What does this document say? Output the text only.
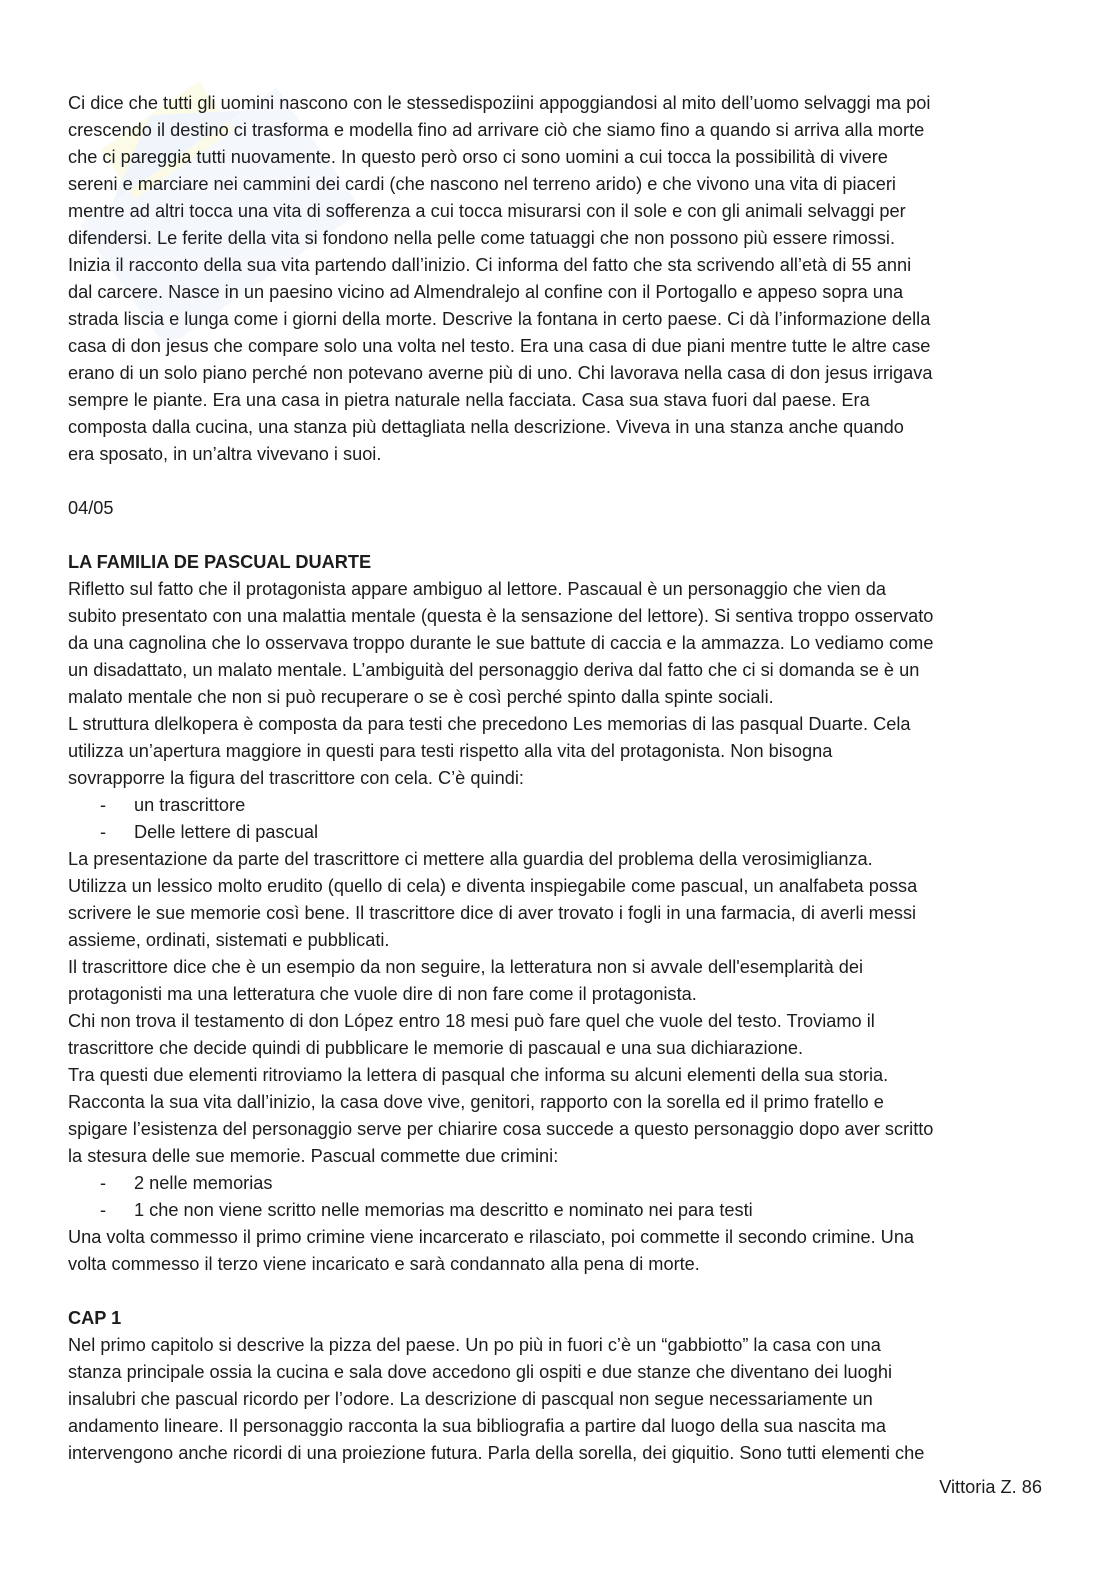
Ci dice che tutti gli uomini nascono con le stessedispoziini appoggiandosi al mito dell’uomo selvaggi ma poi

crescendo il destino ci trasforma e modella fino ad arrivare ciò che siamo fino a quando si arriva alla morte

che ci pareggia tutti nuovamente. In questo però orso ci sono uomini a cui tocca la possibilità di vivere

sereni e marciare nei cammini dei cardi (che nascono nel terreno arido) e che vivono una vita di piaceri

mentre ad altri tocca una vita di sofferenza a cui tocca misurarsi con il sole e con gli animali selvaggi per

difendersi. Le ferite della vita si fondono nella pelle come tatuaggi che non possono più essere rimossi.

Inizia il racconto della sua vita partendo dall’inizio. Ci informa del fatto che sta scrivendo all’età di 55 anni

dal carcere. Nasce in un paesino vicino ad Almendralejo al confine con il Portogallo e appeso sopra una

strada liscia e lunga come i giorni della morte. Descrive la fontana in certo paese. Ci dà l’informazione della

casa di don jesus che compare solo una volta nel testo. Era una casa di due piani mentre tutte le altre case

erano di un solo piano perché non potevano averne più di uno. Chi lavorava nella casa di don jesus irrigava

sempre le piante. Era una casa in pietra naturale nella facciata. Casa sua stava fuori dal paese. Era

composta dalla cucina, una stanza più dettagliata nella descrizione. Viveva in una stanza anche quando

era sposato, in un’altra vivevano i suoi.

04/05

LA FAMILIA DE PASCUAL DUARTE

Rifletto sul fatto che il protagonista appare ambiguo al lettore. Pascaual è un personaggio che vien da

subito presentato con una malattia mentale (questa è la sensazione del lettore). Si sentiva troppo osservato

da una cagnolina che lo osservava troppo durante le sue battute di caccia e la ammazza. Lo vediamo come

un disadattato, un malato mentale. L’ambiguità del personaggio deriva dal fatto che ci si domanda se è un

malato mentale che non si può recuperare o se è così perché spinto dalla spinte sociali.

L struttura dlelkopera è composta da para testi che precedono Les memorias di las pasqual Duarte. Cela

utilizza un’apertura maggiore in questi para testi rispetto alla vita del protagonista. Non bisogna

sovrapporre la figura del trascrittore con cela. C’è quindi:

- un trascrittore

- Delle lettere di pascual

La presentazione da parte del trascrittore ci mettere alla guardia del problema della verosimiglianza.

Utilizza un lessico molto erudito (quello di cela) e diventa inspiegabile come pascual, un analfabeta possa

scrivere le sue memorie così bene. Il trascrittore dice di aver trovato i fogli in una farmacia, di averli messi

assieme, ordinati, sistemati e pubblicati.

Il trascrittore dice che è un esempio da non seguire, la letteratura non si avvale dell'esemplarità dei

protagonisti ma una letteratura che vuole dire di non fare come il protagonista.

Chi non trova il testamento di don López entro 18 mesi può fare quel che vuole del testo. Troviamo il

trascrittore che decide quindi di pubblicare le memorie di pascaual e una sua dichiarazione.

Tra questi due elementi ritroviamo la lettera di pasqual che informa su alcuni elementi della sua storia.

Racconta la sua vita dall’inizio, la casa dove vive, genitori, rapporto con la sorella ed il primo fratello e

spigare l’esistenza del personaggio serve per chiarire cosa succede a questo personaggio dopo aver scritto

la stesura delle sue memorie. Pascual commette due crimini:

- 2 nelle memorias

- 1 che non viene scritto nelle memorias ma descritto e nominato nei para testi

Una volta commesso il primo crimine viene incarcerato e rilasciato, poi commette il secondo crimine. Una

volta commesso il terzo viene incaricato e sarà condannato alla pena di morte.

CAP 1

Nel primo capitolo si descrive la pizza del paese. Un po più in fuori c’è un “gabbiotto” la casa con una

stanza principale ossia la cucina e sala dove accedono gli ospiti e due stanze che diventano dei luoghi

insalubri che pascual ricordo per l’odore. La descrizione di pascqual non segue necessariamente un

andamento lineare. Il personaggio racconta la sua bibliografia a partire dal luogo della sua nascita ma

intervengono anche ricordi di una proiezione futura. Parla della sorella, dei giquitio. Sono tutti elementi che

Vittoria Z. 86
